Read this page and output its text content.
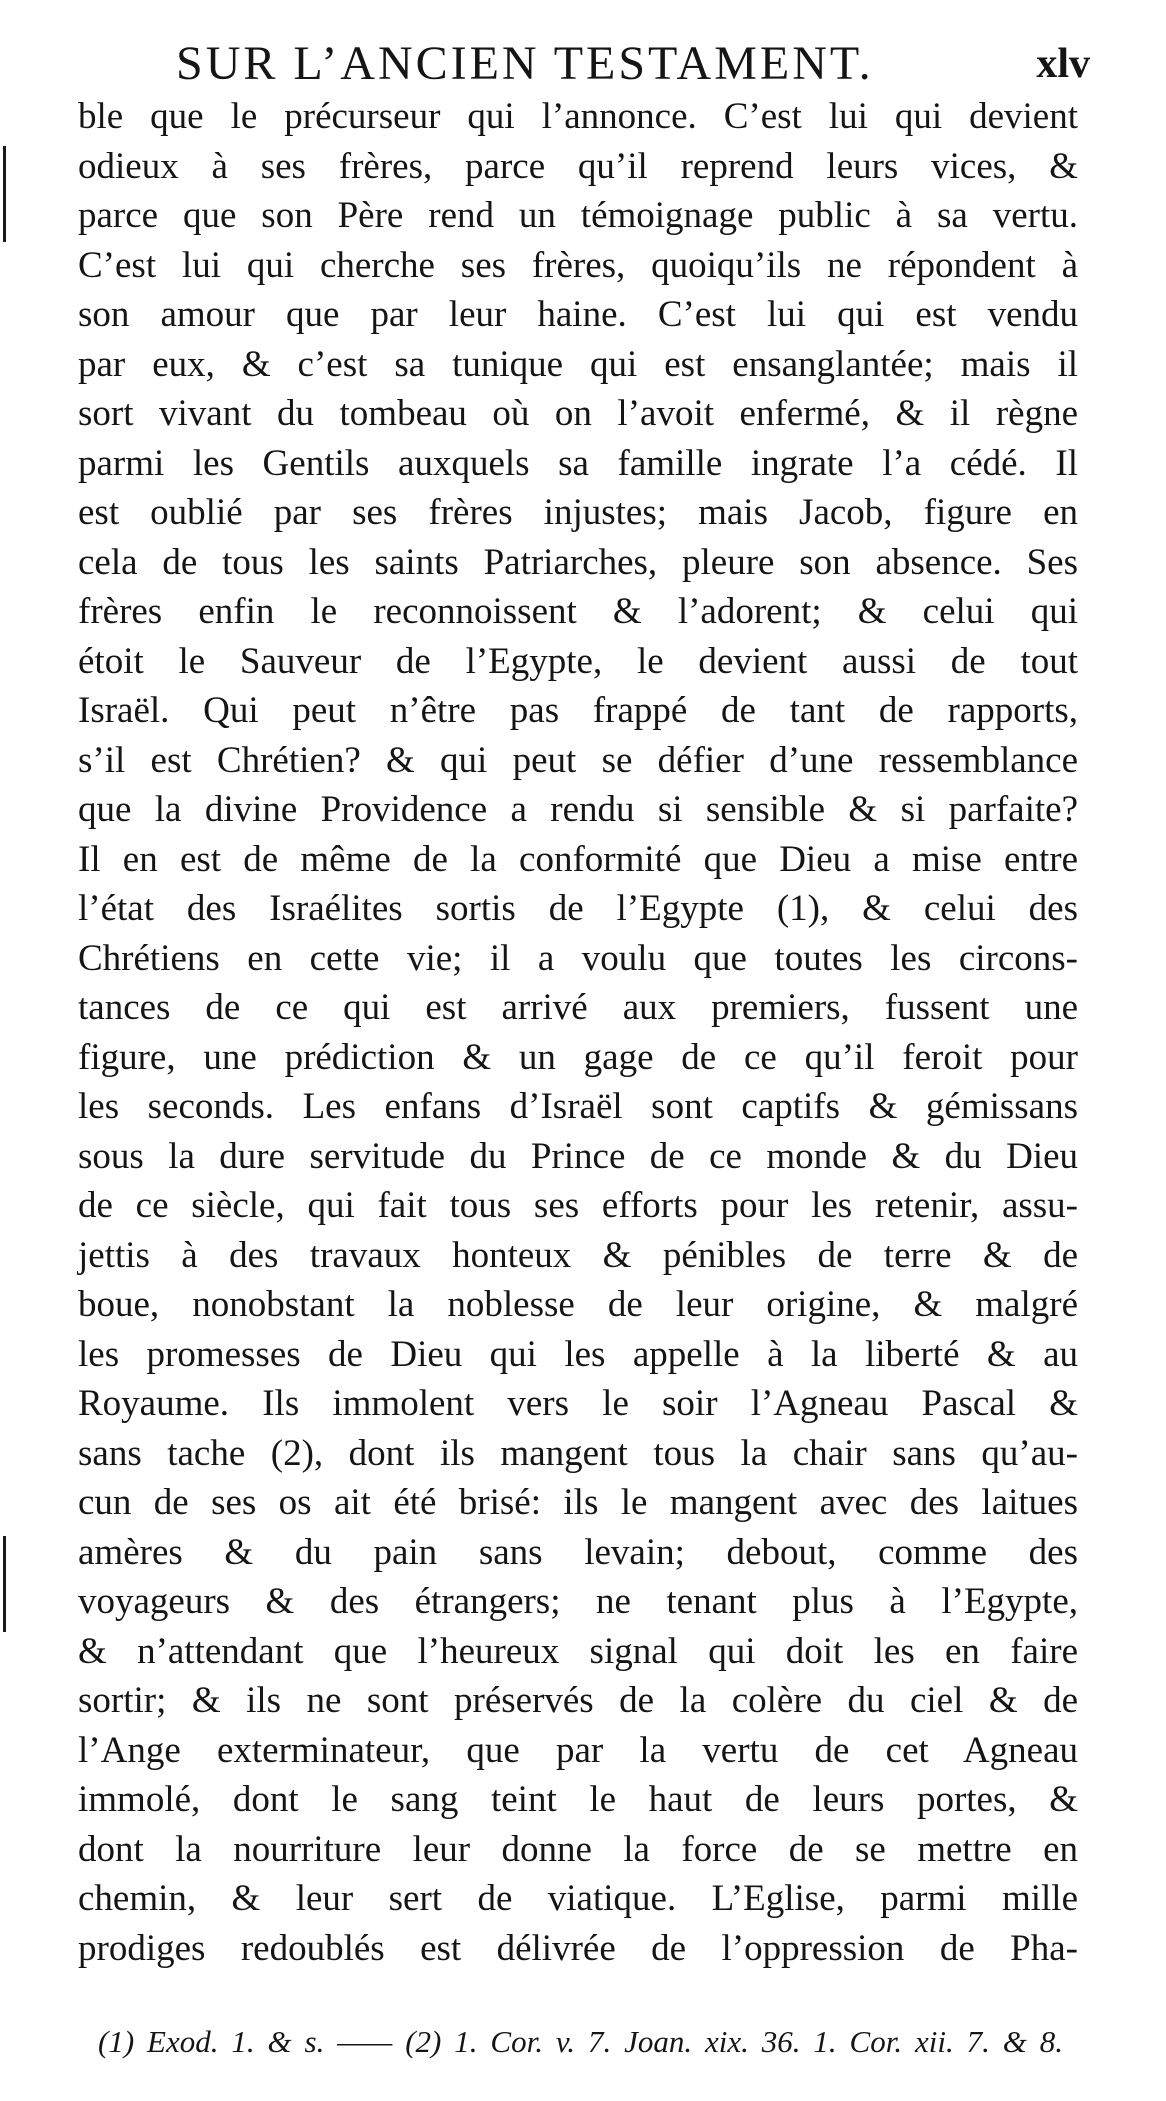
SUR L’ANCIEN TESTAMENT.	xlv
ble que le précurseur qui l’annonce. C’est lui qui devient
odieux à ses frères, parce qu’il reprend leurs vices, &
parce que son Père rend un témoignage public à sa vertu.
C’est lui qui cherche ses frères, quoiqu’ils ne répondent à
son amour que par leur haine. C’est lui qui est vendu
par eux, & c’est sa tunique qui est ensanglantée; mais il
sort vivant du tombeau où on l’avoit enfermé, & il règne
parmi les Gentils auxquels sa famille ingrate l’a cédé. Il
est oublié par ses frères injustes; mais Jacob, figure en
cela de tous les saints Patriarches, pleure son absence. Ses
frères enfin le reconnoissent & l’adorent; & celui qui
étoit le Sauveur de l’Egypte, le devient aussi de tout
Israël. Qui peut n’être pas frappé de tant de rapports,
s’il est Chrétien? & qui peut se défier d’une ressemblance
que la divine Providence a rendu si sensible & si parfaite?
Il en est de même de la conformité que Dieu a mise entre
l’état des Israélites sortis de l’Egypte (1), & celui des
Chrétiens en cette vie; il a voulu que toutes les circons-
tances de ce qui est arrivé aux premiers, fussent une
figure, une prédiction & un gage de ce qu’il feroit pour
les seconds. Les enfans d’Israël sont captifs & gémissans
sous la dure servitude du Prince de ce monde & du Dieu
de ce siècle, qui fait tous ses efforts pour les retenir, assu-
jettis à des travaux honteux & pénibles de terre & de
boue, nonobstant la noblesse de leur origine, & malgré
les promesses de Dieu qui les appelle à la liberté & au
Royaume. Ils immolent vers le soir l’Agneau Pascal &
sans tache (2), dont ils mangent tous la chair sans qu’au-
cun de ses os ait été brisé: ils le mangent avec des laitues
amères & du pain sans levain; debout, comme des
voyageurs & des étrangers; ne tenant plus à l’Egypte,
& n’attendant que l’heureux signal qui doit les en faire
sortir; & ils ne sont préservés de la colère du ciel & de
l’Ange exterminateur, que par la vertu de cet Agneau
immolé, dont le sang teint le haut de leurs portes, &
dont la nourriture leur donne la force de se mettre en
chemin, & leur sert de viatique. L’Eglise, parmi mille
prodiges redoublés est délivrée de l’oppression de Pha-
(1) Exod. 1. & s. —— (2) 1. Cor. v. 7. Joan. xix. 36. 1. Cor. xii. 7. & 8.
